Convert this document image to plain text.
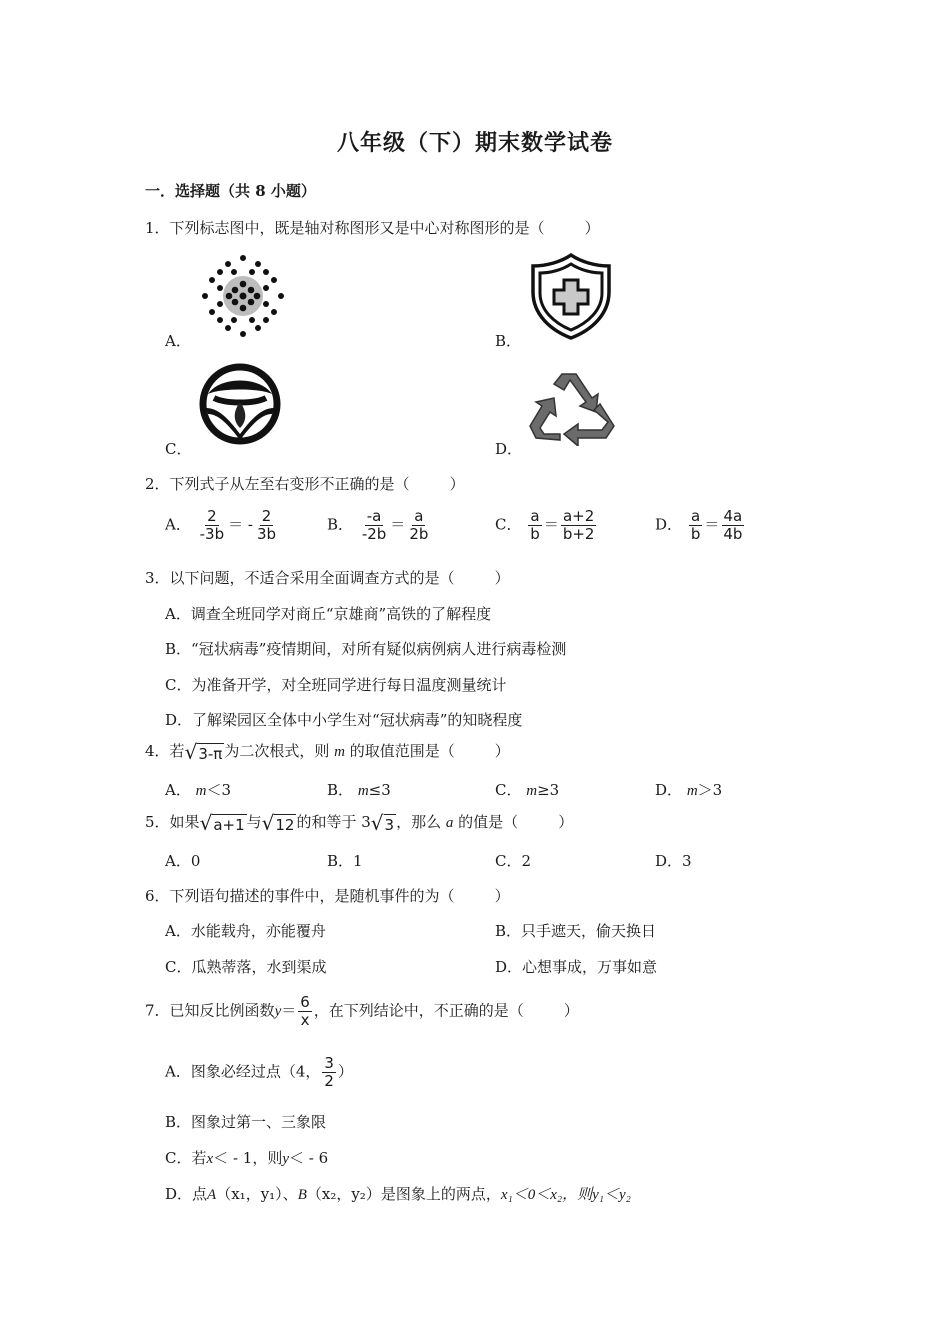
八年级（下）期末数学试卷
一．选择题（共 8 小题）
1．下列标志图中，既是轴对称图形又是中心对称图形的是（	）
A．	B．
C．	D．
2．下列式子从左至右变形不正确的是（	）
A． $\frac{2}{-3b}$ ＝ - $\frac{2}{3b}$	B． $\frac{-a}{-2b} = \frac{a}{2b}$	C． $\frac{a}{b} = \frac{a+2}{b+2}$	D． $\frac{a}{b} = \frac{4a}{4b}$
3．以下问题，不适合采用全面调查方式的是（	）
A．调查全班同学对商丘“京雄商”高铁的了解程度
B．“冠状病毒”疫情期间，对所有疑似病例病人进行病毒检测
C．为准备开学，对全班同学进行每日温度测量统计
D．了解梁园区全体中小学生对“冠状病毒”的知晓程度
4．若 √ 3-π 为二次根式，则 m 的取值范围是（	）
A． m＜3	B． m≤3	C． m≥3	D． m＞3
5．如果 √ a+1 与 √ 12 的和等于 3 √ 3 ，那么 a 的值是（	）
A．0	B．1	C．2	D．3
6．下列语句描述的事件中，是随机事件的为（	）
A．水能载舟，亦能覆舟	B．只手遮天，偷天换日
C．瓜熟蒂落，水到渠成	D．心想事成，万事如意
7．已知反比例函数$y= \frac{6}{x}$ ，在下列结论中，不正确的是（	）
A．图象必经过点（4， $\frac{3}{2}$ ）
B．图象过第一、三象限
C．若x＜ - 1，则y＜ - 6
D．点A（x₁，y₁）、B（x₂，y₂）是图象上的两点，x₁＜0＜x₂，则y₁＜y₂
